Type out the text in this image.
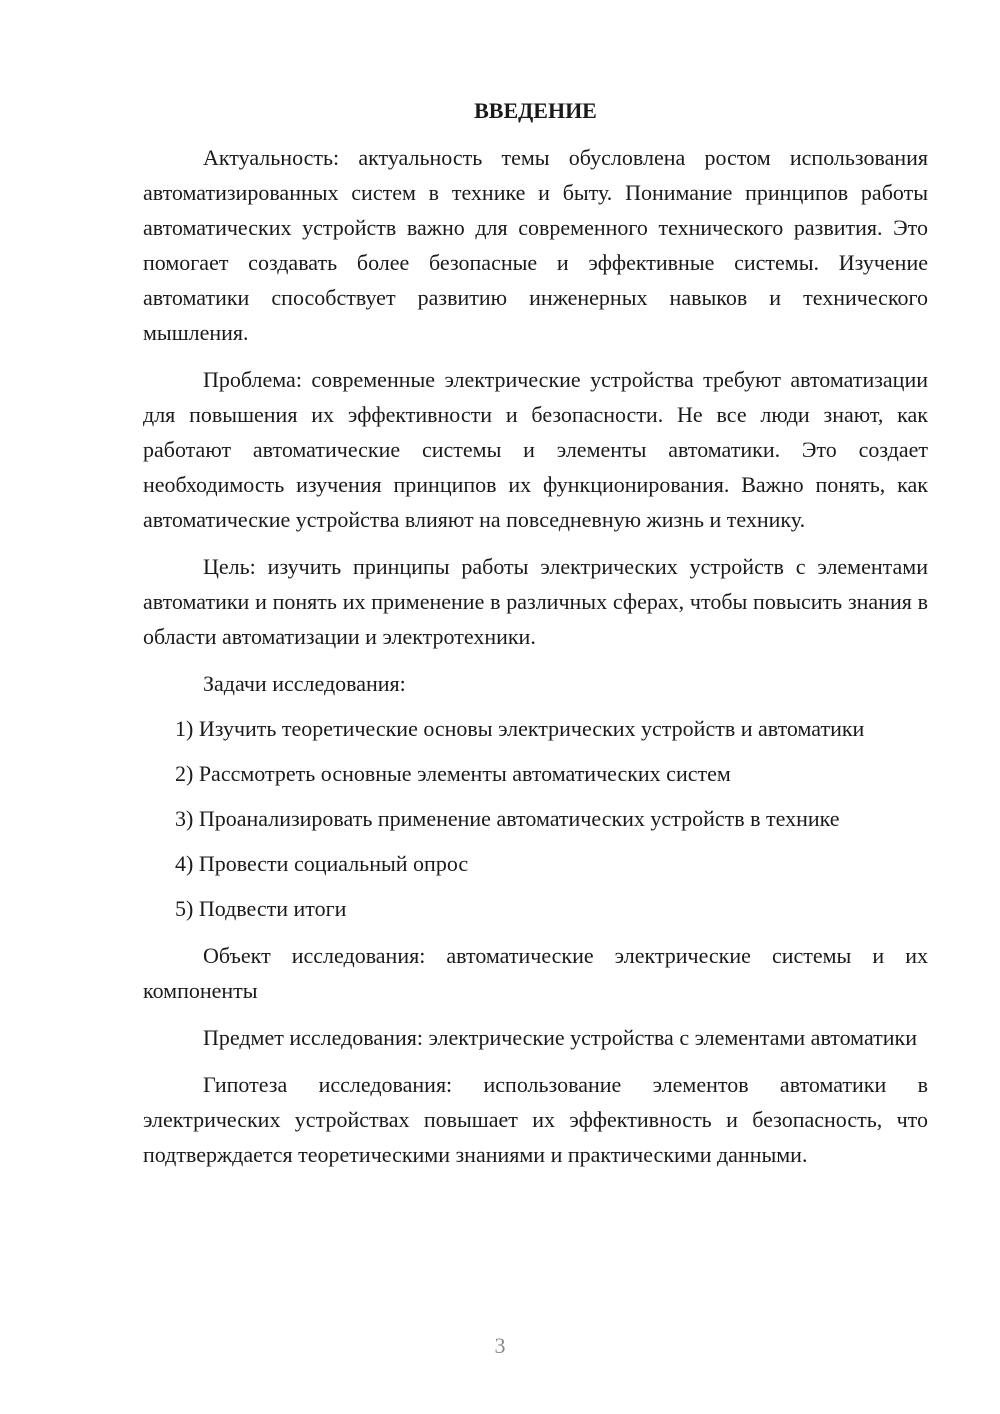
ВВЕДЕНИЕ

Актуальность: актуальность темы обусловлена ростом использования автоматизированных систем в технике и быту. Понимание принципов работы автоматических устройств важно для современного технического развития. Это помогает создавать более безопасные и эффективные системы. Изучение автоматики способствует развитию инженерных навыков и технического мышления.

Проблема: современные электрические устройства требуют автоматизации для повышения их эффективности и безопасности. Не все люди знают, как работают автоматические системы и элементы автоматики. Это создает необходимость изучения принципов их функционирования. Важно понять, как автоматические устройства влияют на повседневную жизнь и технику.

Цель: изучить принципы работы электрических устройств с элементами автоматики и понять их применение в различных сферах, чтобы повысить знания в области автоматизации и электротехники.

Задачи исследования:

1) Изучить теоретические основы электрических устройств и автоматики

2) Рассмотреть основные элементы автоматических систем

3) Проанализировать применение автоматических устройств в технике

4) Провести социальный опрос

5) Подвести итоги

Объект исследования: автоматические электрические системы и их компоненты

Предмет исследования: электрические устройства с элементами автоматики

Гипотеза исследования: использование элементов автоматики в электрических устройствах повышает их эффективность и безопасность, что подтверждается теоретическими знаниями и практическими данными.

3
